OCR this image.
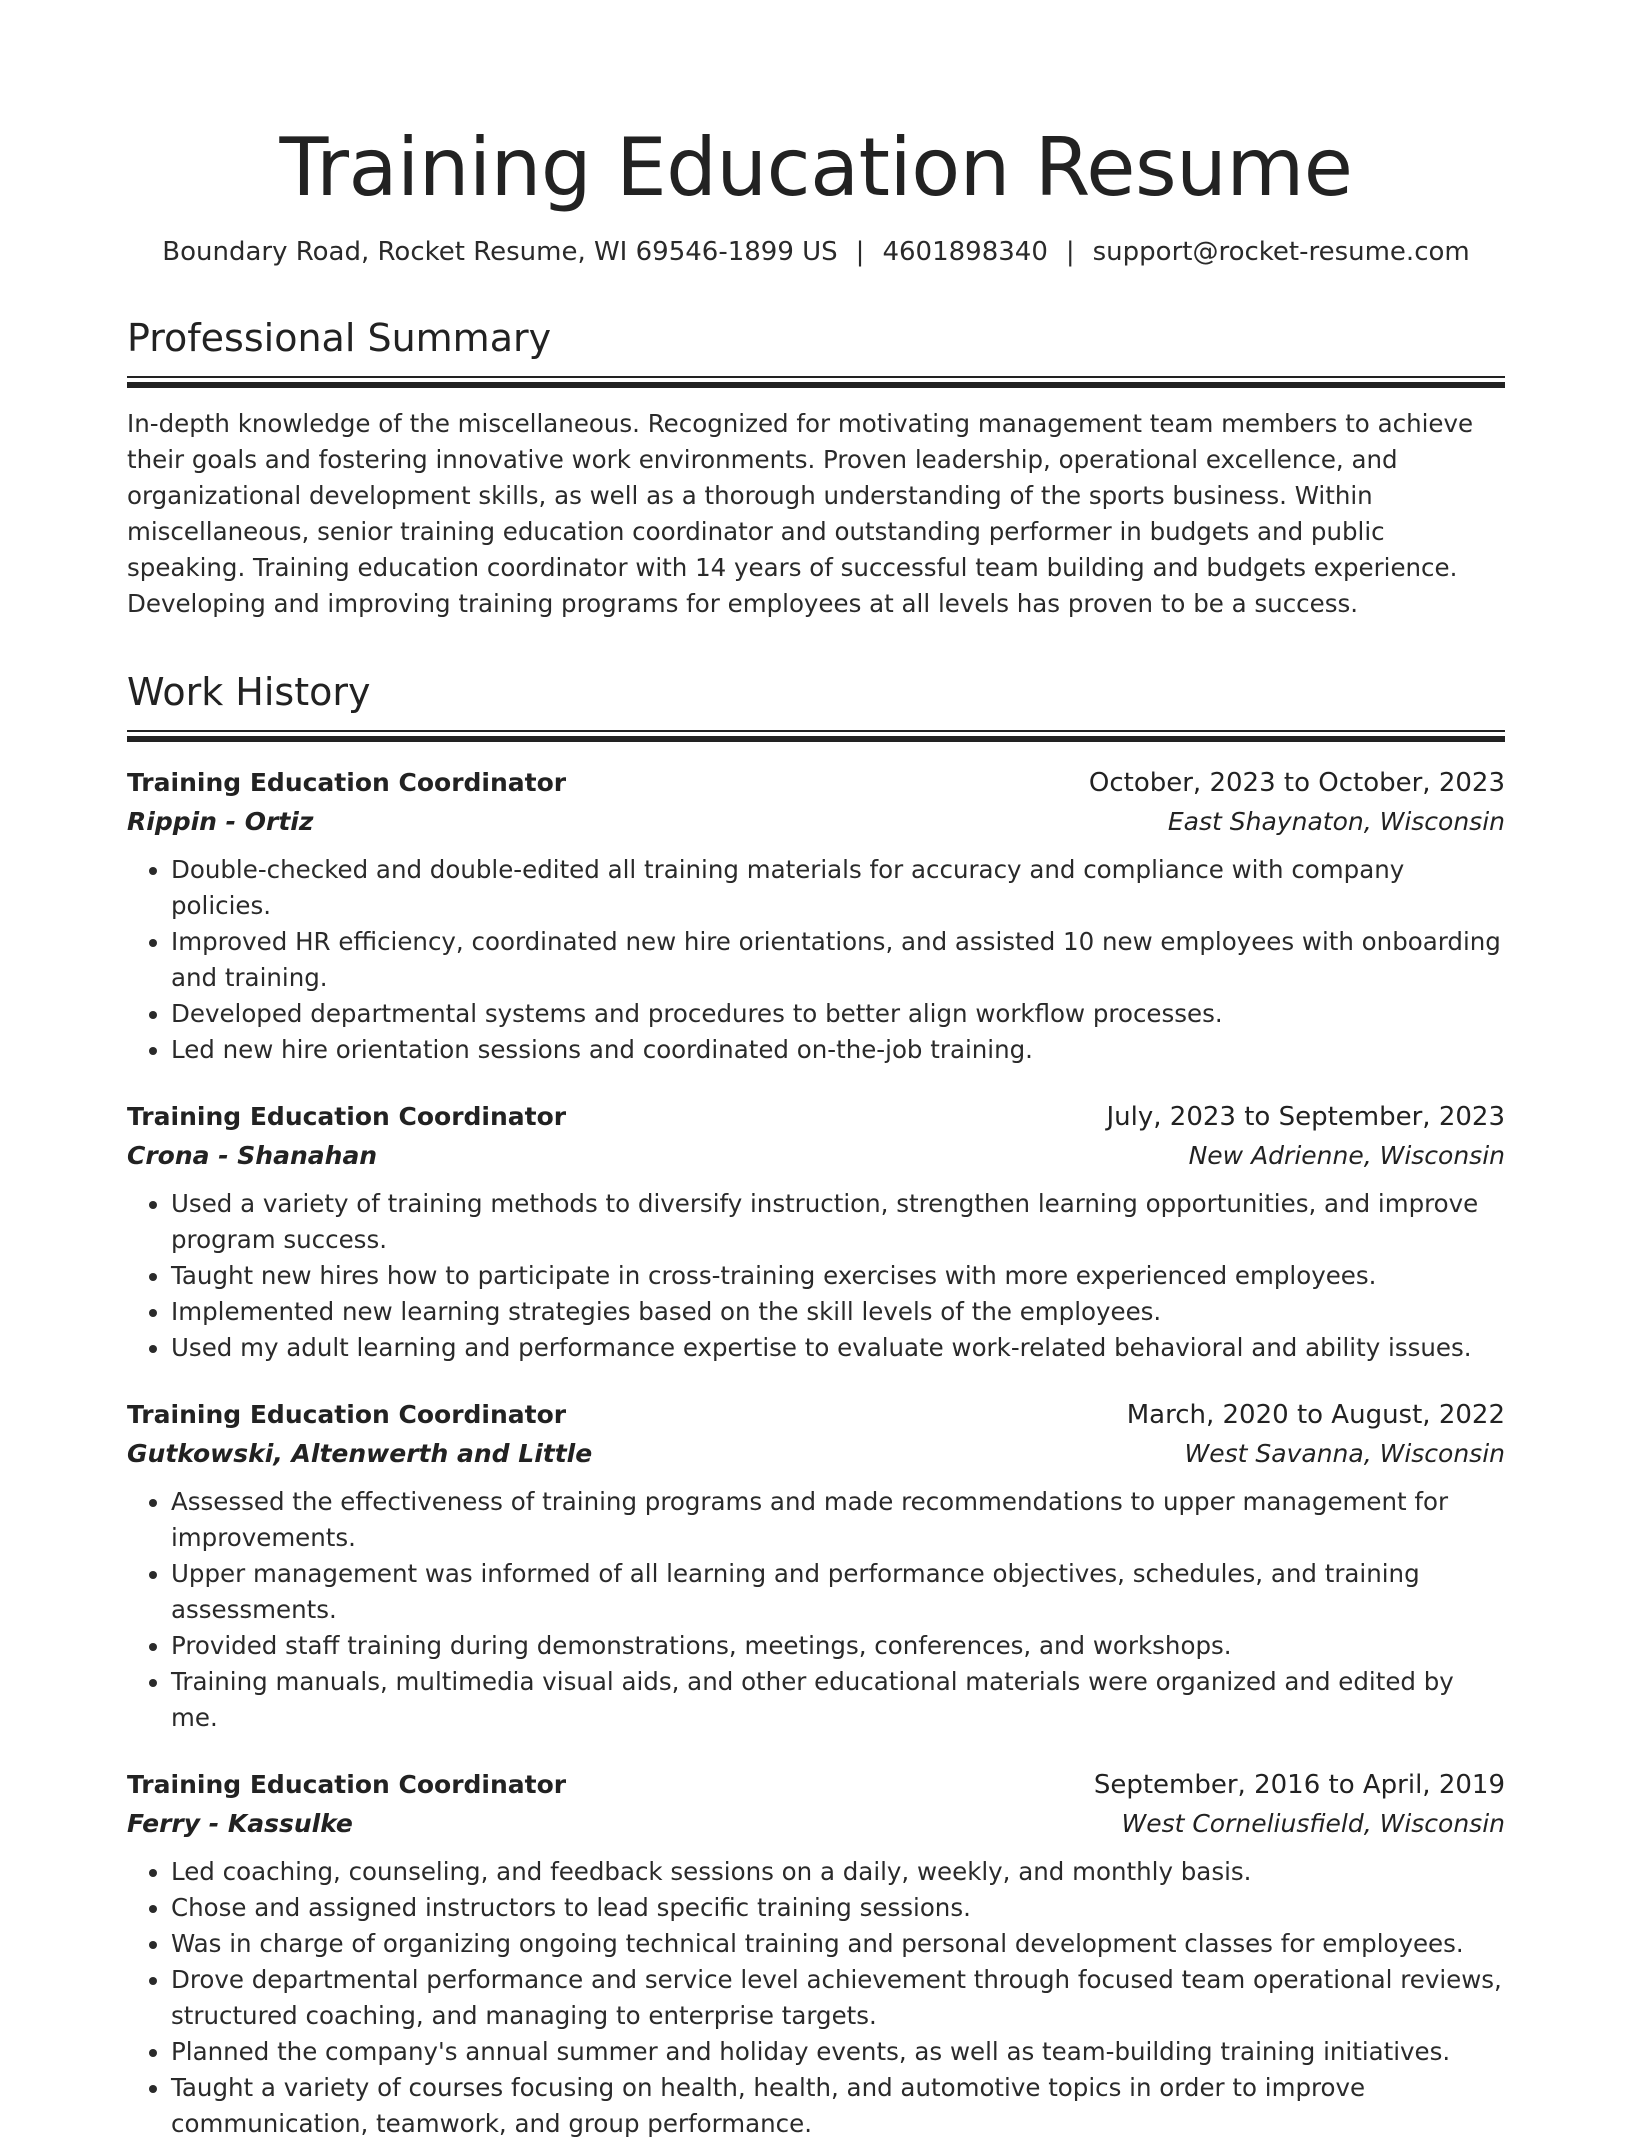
Training Education Resume
Boundary Road, Rocket Resume, WI 69546-1899 US | 4601898340 | support@rocket-resume.com
Professional Summary

In-depth knowledge of the miscellaneous. Recognized for motivating management team members to achieve their goals and fostering innovative work environments. Proven leadership, operational excellence, and organizational development skills, as well as a thorough understanding of the sports business. Within miscellaneous, senior training education coordinator and outstanding performer in budgets and public speaking. Training education coordinator with 14 years of successful team building and budgets experience. Developing and improving training programs for employees at all levels has proven to be a success.

Work History
Training Education Coordinator	October, 2023 to October, 2023
Rippin - Ortiz	East Shaynaton, Wisconsin
• Double-checked and double-edited all training materials for accuracy and compliance with company policies.
• Improved HR efficiency, coordinated new hire orientations, and assisted 10 new employees with onboarding and training.
• Developed departmental systems and procedures to better align workflow processes.
• Led new hire orientation sessions and coordinated on-the-job training.
Training Education Coordinator	July, 2023 to September, 2023
Crona - Shanahan	New Adrienne, Wisconsin
• Used a variety of training methods to diversify instruction, strengthen learning opportunities, and improve program success.
• Taught new hires how to participate in cross-training exercises with more experienced employees.
• Implemented new learning strategies based on the skill levels of the employees.
• Used my adult learning and performance expertise to evaluate work-related behavioral and ability issues.
Training Education Coordinator	March, 2020 to August, 2022
Gutkowski, Altenwerth and Little	West Savanna, Wisconsin
• Assessed the effectiveness of training programs and made recommendations to upper management for improvements.
• Upper management was informed of all learning and performance objectives, schedules, and training assessments.
• Provided staff training during demonstrations, meetings, conferences, and workshops.
• Training manuals, multimedia visual aids, and other educational materials were organized and edited by me.
Training Education Coordinator	September, 2016 to April, 2019
Ferry - Kassulke	West Corneliusfield, Wisconsin
• Led coaching, counseling, and feedback sessions on a daily, weekly, and monthly basis.
• Chose and assigned instructors to lead specific training sessions.
• Was in charge of organizing ongoing technical training and personal development classes for employees.
• Drove departmental performance and service level achievement through focused team operational reviews, structured coaching, and managing to enterprise targets.
• Planned the company's annual summer and holiday events, as well as team-building training initiatives.
• Taught a variety of courses focusing on health, health, and automotive topics in order to improve communication, teamwork, and group performance.
